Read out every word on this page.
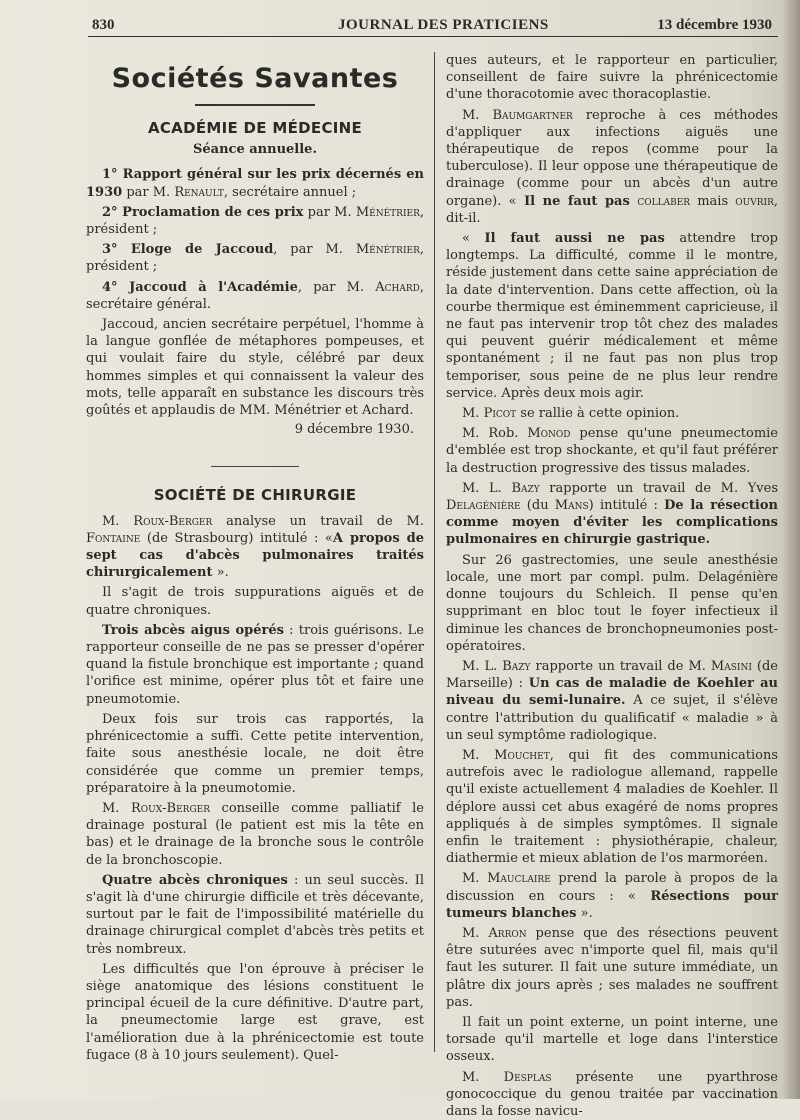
830	JOURNAL DES PRATICIENS	13 décembre 1930
Sociétés Savantes
ACADÉMIE DE MÉDECINE
Séance annuelle.

1° Rapport général sur les prix décernés en 1930 par M. Renault, secrétaire annuel ;

2° Proclamation de ces prix par M. Ménétrier, président ;

3° Eloge de Jaccoud, par M. Ménétrier, président ;

4° Jaccoud à l'Académie, par M. Achard, secrétaire général.

Jaccoud, ancien secrétaire perpétuel, l'homme à la langue gonflée de métaphores pompeuses, et qui voulait faire du style, célébré par deux hommes simples et qui connaissent la valeur des mots, telle apparaît en substance les discours très goûtés et applaudis de MM. Ménétrier et Achard.

9 décembre 1930.

SOCIÉTÉ DE CHIRURGIE

M. Roux-Berger analyse un travail de M. Fontaine (de Strasbourg) intitulé : «A propos de sept cas d'abcès pulmonaires traités chirurgicalement ».

Il s'agit de trois suppurations aiguës et de quatre chroniques.

Trois abcès aigus opérés : trois guérisons. Le rapporteur conseille de ne pas se presser d'opérer quand la fistule bronchique est importante ; quand l'orifice est minime, opérer plus tôt et faire une pneumotomie.

Deux fois sur trois cas rapportés, la phrénicectomie a suffi. Cette petite intervention, faite sous anesthésie locale, ne doit être considérée que comme un premier temps, préparatoire à la pneumotomie.

M. Roux-Berger conseille comme palliatif le drainage postural (le patient est mis la tête en bas) et le drainage de la bronche sous le contrôle de la bronchoscopie.

Quatre abcès chroniques : un seul succès. Il s'agit là d'une chirurgie difficile et très décevante, surtout par le fait de l'impossibilité matérielle du drainage chirurgical complet d'abcès très petits et très nombreux.

Les difficultés que l'on éprouve à préciser le siège anatomique des lésions constituent le principal écueil de la cure définitive. D'autre part, la pneumectomie large est grave, est l'amélioration due à la phrénicectomie est toute fugace (8 à 10 jours seulement). Quel-

ques auteurs, et le rapporteur en particulier, conseillent de faire suivre la phrénicectomie d'une thoracotomie avec thoracoplastie.

M. Baumgartner reproche à ces méthodes d'appliquer aux infections aiguës une thérapeutique de repos (comme pour la tuberculose). Il leur oppose une thérapeutique de drainage (comme pour un abcès d'un autre organe). « Il ne faut pas collaber mais ouvrir, dit-il.

« Il faut aussi ne pas attendre trop longtemps. La difficulté, comme il le montre, réside justement dans cette saine appréciation de la date d'intervention. Dans cette affection, où la courbe thermique est éminemment capricieuse, il ne faut pas intervenir trop tôt chez des malades qui peuvent guérir médicalement et même spontanément ; il ne faut pas non plus trop temporiser, sous peine de ne plus leur rendre service. Après deux mois agir.

M. Picot se rallie à cette opinion.

M. Rob. Monod pense qu'une pneumectomie d'emblée est trop shockante, et qu'il faut préférer la destruction progressive des tissus malades.

M. L. Bazy rapporte un travail de M. Yves Delagénière (du Mans) intitulé : De la résection comme moyen d'éviter les complications pulmonaires en chirurgie gastrique.

Sur 26 gastrectomies, une seule anesthésie locale, une mort par compl. pulm. Delagénière donne toujours du Schleich. Il pense qu'en supprimant en bloc tout le foyer infectieux il diminue les chances de bronchopneumonies post-opératoires.

M. L. Bazy rapporte un travail de M. Masini (de Marseille) : Un cas de maladie de Koehler au niveau du semi-lunaire. A ce sujet, il s'élève contre l'attribution du qualificatif « maladie » à un seul symptôme radiologique.

M. Mouchet, qui fit des communications autrefois avec le radiologue allemand, rappelle qu'il existe actuellement 4 maladies de Koehler. Il déplore aussi cet abus exagéré de noms propres appliqués à de simples symptômes. Il signale enfin le traitement : physiothérapie, chaleur, diathermie et mieux ablation de l'os marmoréen.

M. Mauclaire prend la parole à propos de la discussion en cours : « Résections pour tumeurs blanches ».

M. Arron pense que des résections peuvent être suturées avec n'importe quel fil, mais qu'il faut les suturer. Il fait une suture immédiate, un plâtre dix jours après ; ses malades ne souffrent pas.

Il fait un point externe, un point interne, une torsade qu'il martelle et loge dans l'interstice osseux.

M. Desplas présente une pyarthrose gonococcique du genou traitée par vaccination dans la fosse navicu-
